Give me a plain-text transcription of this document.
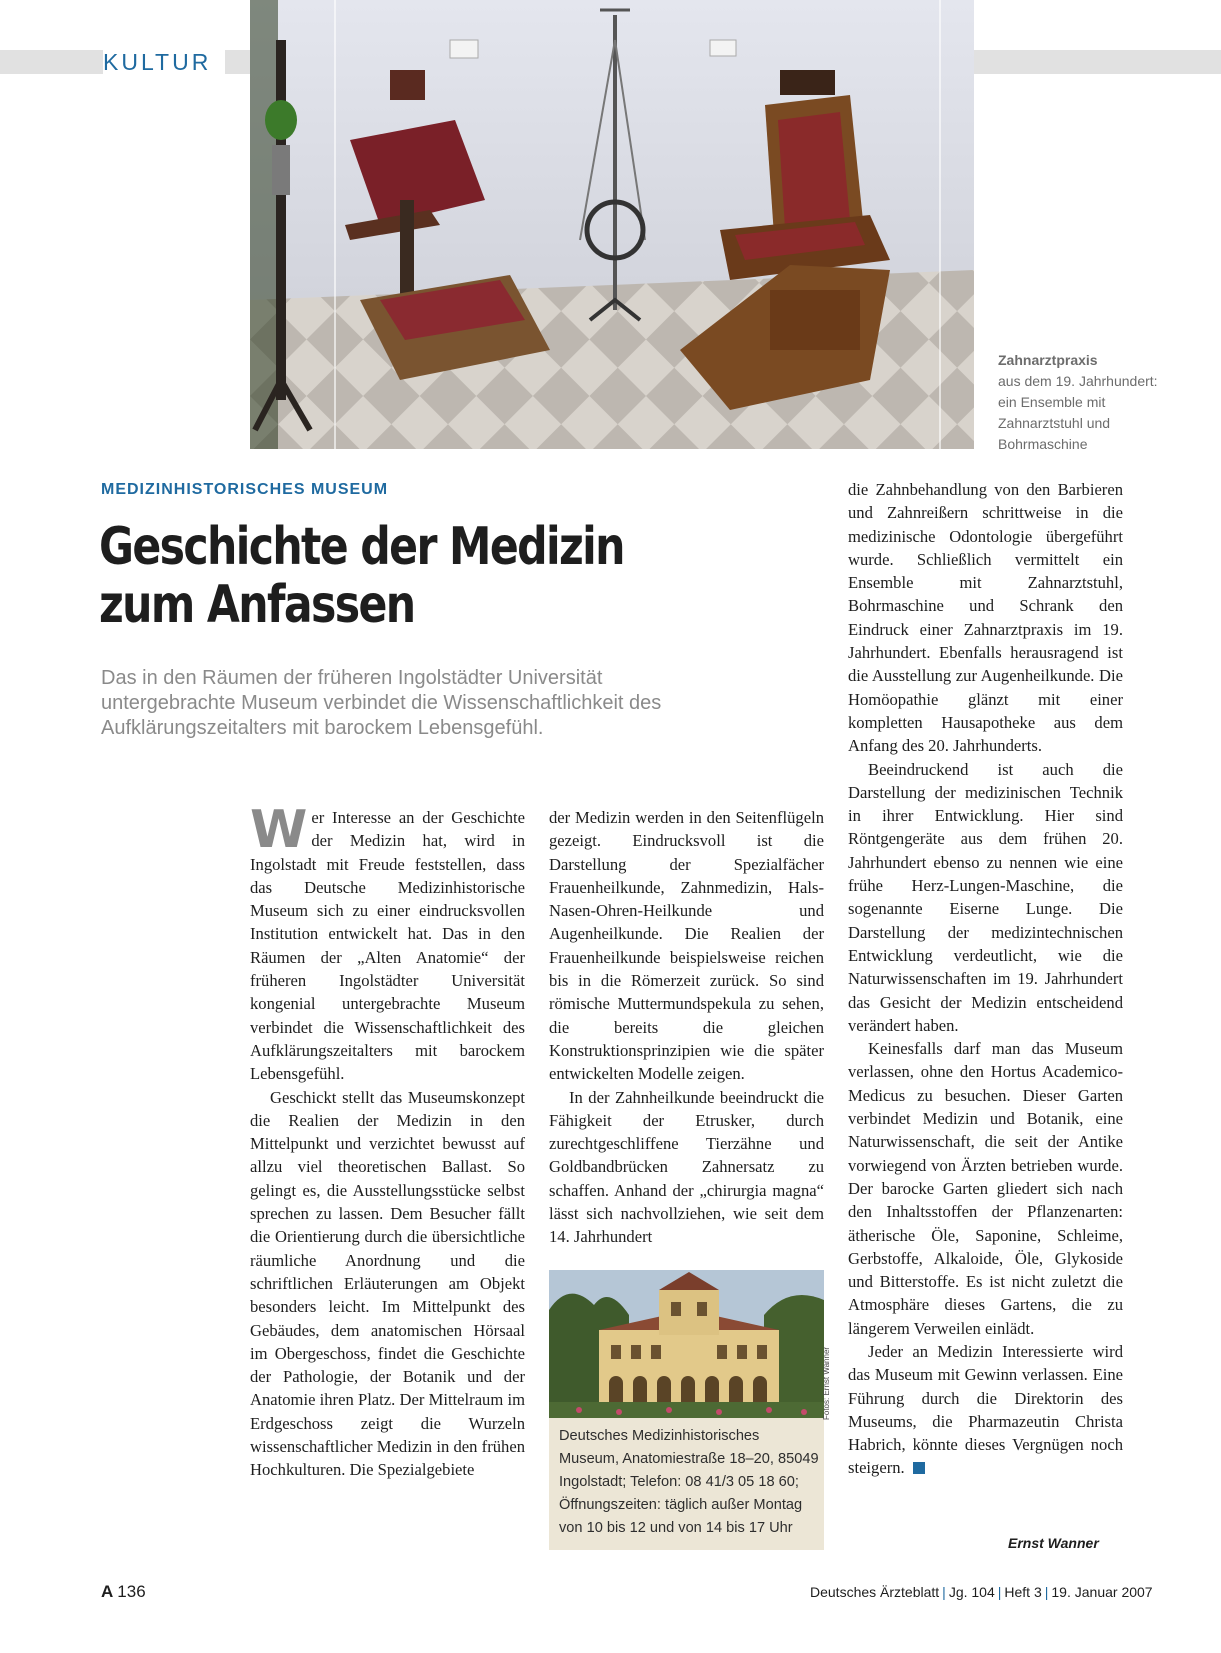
KULTUR
Zahnarztpraxis
aus dem 19. Jahrhundert: ein Ensemble mit Zahnarztstuhl und Bohrmaschine
MEDIZINHISTORISCHES MUSEUM
Geschichte der Medizin
zum Anfassen
Das in den Räumen der früheren Ingolstädter Universität untergebrachte Museum verbindet die Wissenschaftlichkeit des Aufklärungszeitalters mit barockem Lebensgefühl.

Wer Interesse an der Geschichte der Medizin hat, wird in Ingolstadt mit Freude feststellen, dass das Deutsche Medizinhistorische Museum sich zu einer eindrucksvollen Institution entwickelt hat. Das in den Räumen der „Alten Anatomie“ der früheren Ingolstädter Universität kongenial untergebrachte Museum verbindet die Wissenschaftlichkeit des Aufklärungszeitalters mit barockem Lebensgefühl.

Geschickt stellt das Museumskonzept die Realien der Medizin in den Mittelpunkt und verzichtet bewusst auf allzu viel theoretischen Ballast. So gelingt es, die Ausstellungsstücke selbst sprechen zu lassen. Dem Besucher fällt die Orientierung durch die übersichtliche räumliche Anordnung und die schriftlichen Erläuterungen am Objekt besonders leicht. Im Mittelpunkt des Gebäudes, dem anatomischen Hörsaal im Obergeschoss, findet die Geschichte der Pathologie, der Botanik und der Anatomie ihren Platz. Der Mittelraum im Erdgeschoss zeigt die Wurzeln wissenschaftlicher Medizin in den frühen Hochkulturen. Die Spezialgebiete

der Medizin werden in den Seitenflügeln gezeigt. Eindrucksvoll ist die Darstellung der Spezialfächer Frauenheilkunde, Zahnmedizin, Hals-Nasen-Ohren-Heilkunde und Augenheilkunde. Die Realien der Frauenheilkunde beispielsweise reichen bis in die Römerzeit zurück. So sind römische Muttermundspekula zu sehen, die bereits die gleichen Konstruktionsprinzipien wie die später entwickelten Modelle zeigen.

In der Zahnheilkunde beeindruckt die Fähigkeit der Etrusker, durch zurechtgeschliffene Tierzähne und Goldbandbrücken Zahnersatz zu schaffen. Anhand der „chirurgia magna“ lässt sich nachvollziehen, wie seit dem 14. Jahrhundert

Deutsches Medizinhistorisches Museum, Anatomiestraße 18–20, 85049 Ingolstadt; Telefon: 08 41/3 05 18 60; Öffnungszeiten: täglich außer Montag von 10 bis 12 und von 14 bis 17 Uhr
Fotos: Ernst Wanner

die Zahnbehandlung von den Barbieren und Zahnreißern schrittweise in die medizinische Odontologie übergeführt wurde. Schließlich vermittelt ein Ensemble mit Zahnarztstuhl, Bohrmaschine und Schrank den Eindruck einer Zahnarztpraxis im 19. Jahrhundert. Ebenfalls herausragend ist die Ausstellung zur Augenheilkunde. Die Homöopathie glänzt mit einer kompletten Hausapotheke aus dem Anfang des 20. Jahrhunderts.

Beeindruckend ist auch die Darstellung der medizinischen Technik in ihrer Entwicklung. Hier sind Röntgengeräte aus dem frühen 20. Jahrhundert ebenso zu nennen wie eine frühe Herz-Lungen-Maschine, die sogenannte Eiserne Lunge. Die Darstellung der medizintechnischen Entwicklung verdeutlicht, wie die Naturwissenschaften im 19. Jahrhundert das Gesicht der Medizin entscheidend verändert haben.

Keinesfalls darf man das Museum verlassen, ohne den Hortus Academico-Medicus zu besuchen. Dieser Garten verbindet Medizin und Botanik, eine Naturwissenschaft, die seit der Antike vorwiegend von Ärzten betrieben wurde. Der barocke Garten gliedert sich nach den Inhaltsstoffen der Pflanzenarten: ätherische Öle, Saponine, Schleime, Gerbstoffe, Alkaloide, Öle, Glykoside und Bitterstoffe. Es ist nicht zuletzt die Atmosphäre dieses Gartens, die zu längerem Verweilen einlädt.

Jeder an Medizin Interessierte wird das Museum mit Gewinn verlassen. Eine Führung durch die Direktorin des Museums, die Pharmazeutin Christa Habrich, könnte dieses Vergnügen noch steigern.

Ernst Wanner
A 136	Deutsches Ärzteblatt | Jg. 104 | Heft 3 | 19. Januar 2007
